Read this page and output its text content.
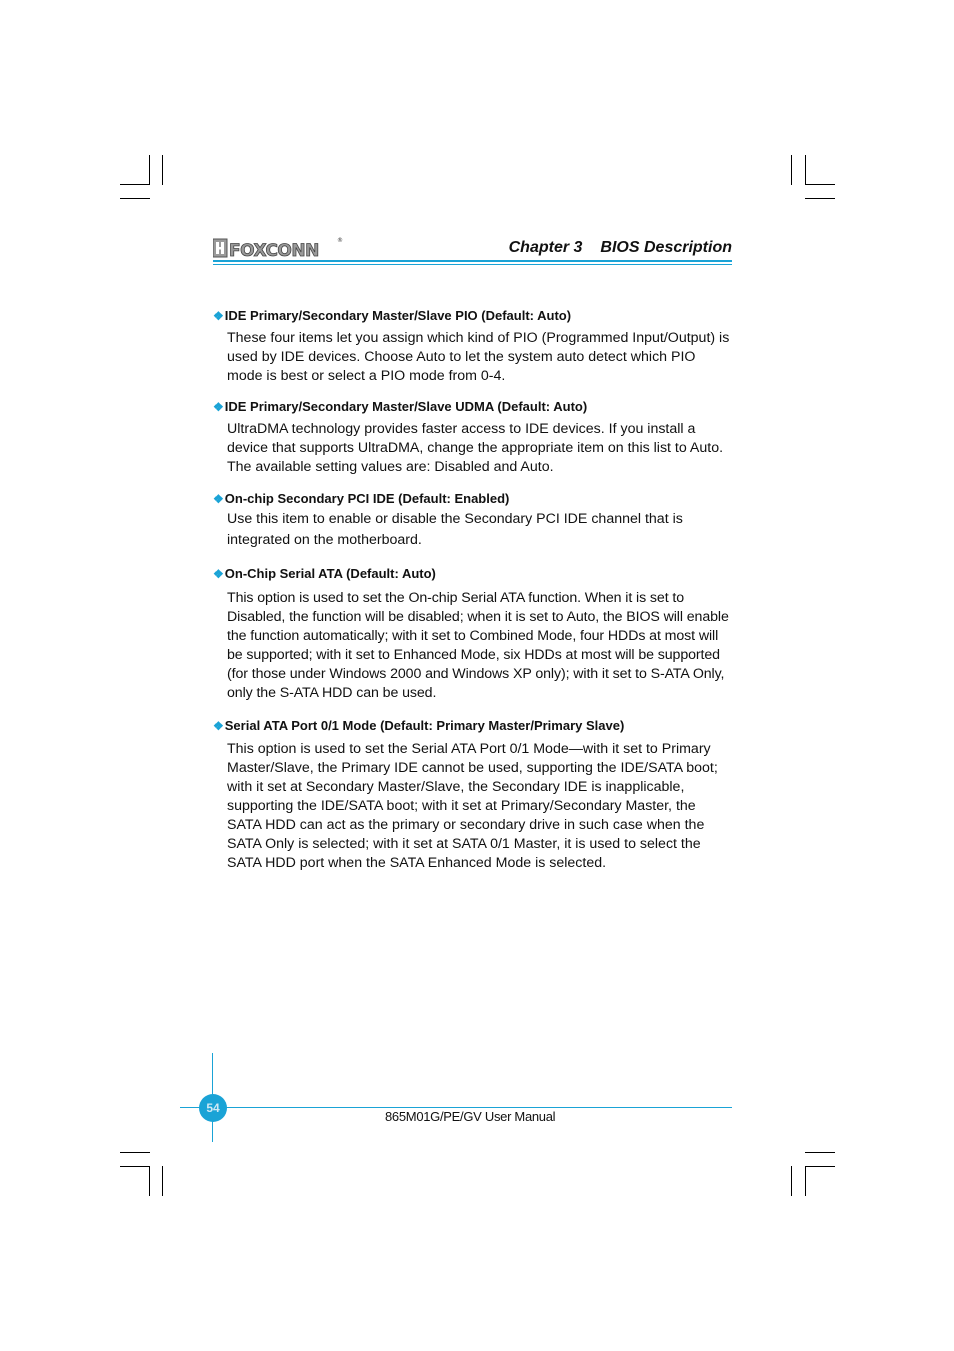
FOXCONN
®	Chapter 3 BIOS Description
❖IDE Primary/Secondary Master/Slave PIO (Default: Auto)
These four items let you assign which kind of PIO (Programmed Input/Output) is used by IDE devices. Choose Auto to let the system auto detect which PIO mode is best or select a PIO mode from 0-4.
❖IDE Primary/Secondary Master/Slave UDMA (Default: Auto)
UltraDMA technology provides faster access to IDE devices. If you install a device that supports UltraDMA, change the appropriate item on this list to Auto. The available setting values are: Disabled and Auto.
❖On-chip Secondary PCI IDE (Default: Enabled)
Use this item to enable or disable the Secondary PCI IDE channel that is integrated on the motherboard.
❖On-Chip Serial ATA (Default: Auto)
This option is used to set the On-chip Serial ATA function. When it is set to Disabled, the function will be disabled; when it is set to Auto, the BIOS will enable the function automatically; with it set to Combined Mode, four HDDs at most will be supported; with it set to Enhanced Mode, six HDDs at most will be supported (for those under Windows 2000 and Windows XP only); with it set to S-ATA Only, only the S-ATA HDD can be used.
❖Serial ATA Port 0/1 Mode (Default: Primary Master/Primary Slave)
This option is used to set the Serial ATA Port 0/1 Mode—with it set to Primary Master/Slave, the Primary IDE cannot be used, supporting the IDE/SATA boot; with it set at Secondary Master/Slave, the Secondary IDE is inapplicable, supporting the IDE/SATA boot; with it set at Primary/Secondary Master, the SATA HDD can act as the primary or secondary drive in such case when the SATA Only is selected; with it set at SATA 0/1 Master, it is used to select the SATA HDD port when the SATA Enhanced Mode is selected.
54
865M01G/PE/GV User Manual
